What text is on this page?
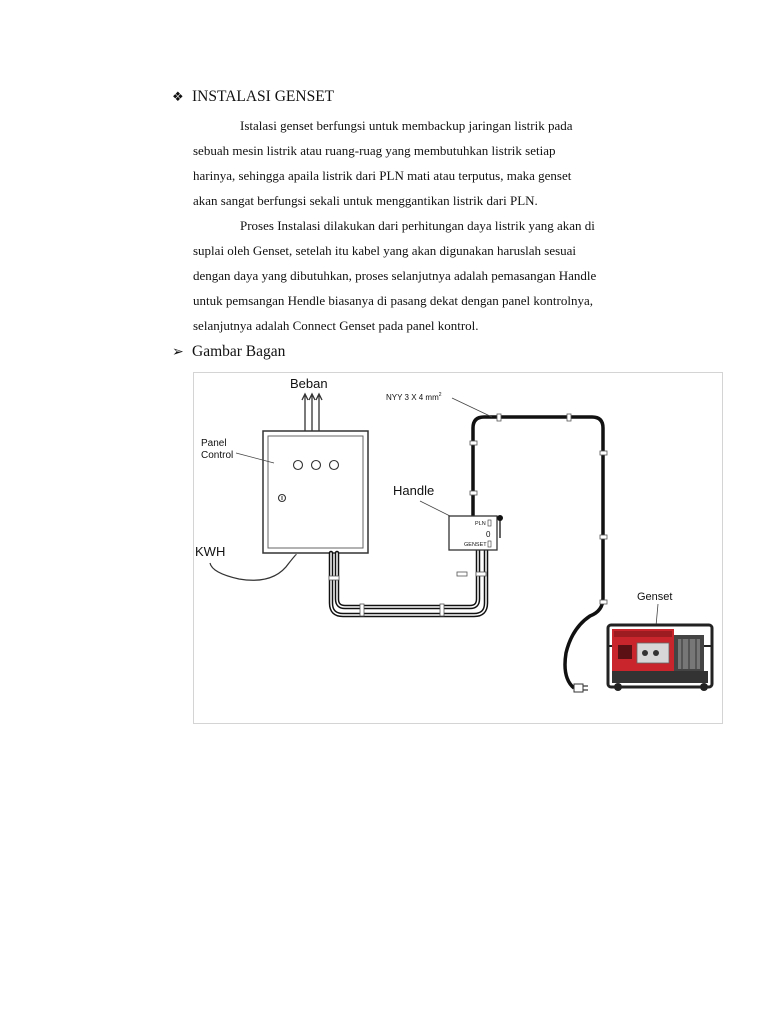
❖ INSTALASI GENSET
Istalasi genset berfungsi untuk membackup jaringan listrik pada
sebuah mesin listrik atau ruang-ruag yang membutuhkan listrik setiap
harinya, sehingga apaila listrik dari PLN mati atau terputus, maka genset
akan sangat berfungsi sekali untuk menggantikan listrik dari PLN.
Proses Instalasi dilakukan dari perhitungan daya listrik yang akan di
suplai oleh Genset, setelah itu kabel yang akan digunakan haruslah sesuai
dengan daya yang dibutuhkan, proses selanjutnya adalah pemasangan Handle
untuk pemsangan Hendle biasanya di pasang dekat dengan panel kontrolnya,
selanjutnya adalah Connect Genset pada panel kontrol.
➢ Gambar Bagan
Beban
Panel
Control
KWH
NYY 3 X 4 $mm^2$
Handle
PLN
0
GENSET
Genset
